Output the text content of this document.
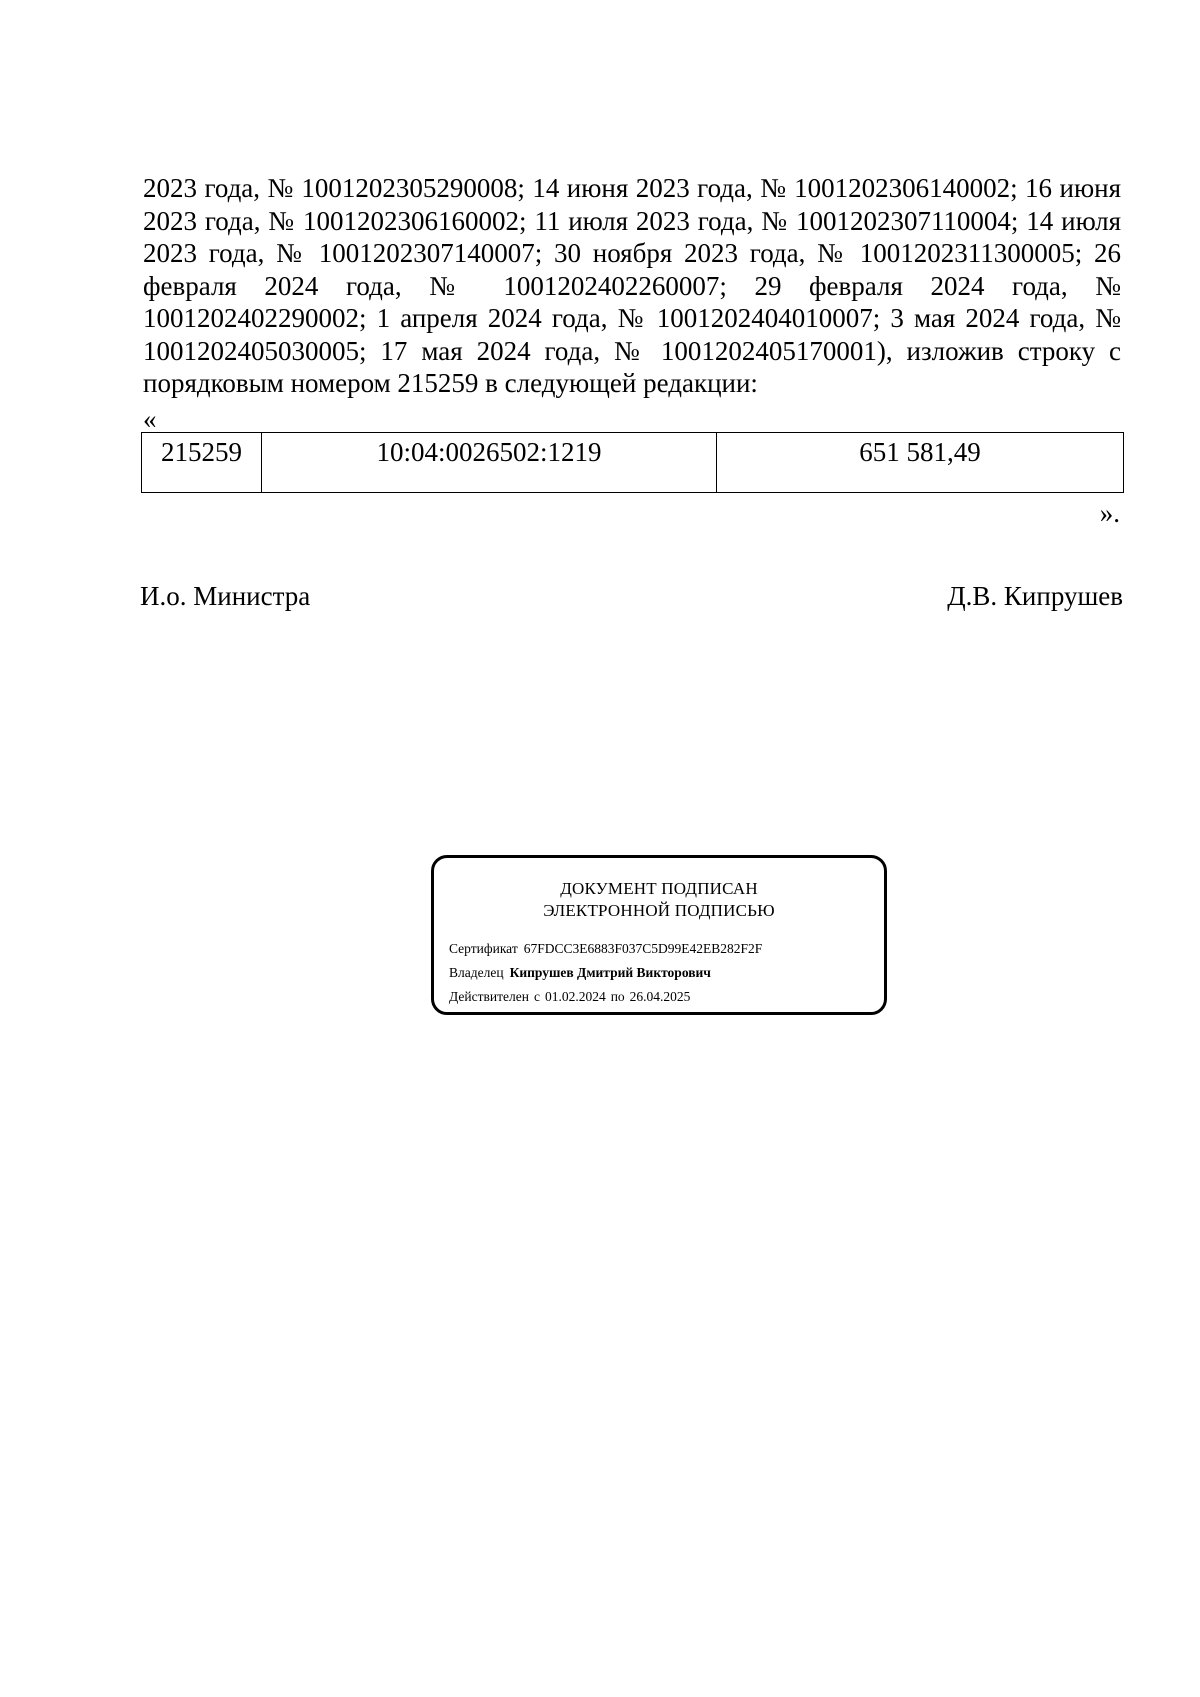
2023 года, № 1001202305290008; 14 июня 2023 года, № 1001202306140002; 16 июня 2023 года, № 1001202306160002; 11 июля 2023 года, № 1001202307110004; 14 июля 2023 года, № 1001202307140007; 30 ноября 2023 года, № 1001202311300005; 26 февраля 2024 года, № 1001202402260007; 29 февраля 2024 года, № 1001202402290002; 1 апреля 2024 года, № 1001202404010007; 3 мая 2024 года, № 1001202405030005; 17 мая 2024 года, № 1001202405170001), изложив строку с порядковым номером 215259 в следующей редакции:

«
215259	10:04:0026502:1219	651 581,49
».
И.о. Министра	Д.В. Кипрушев
ДОКУМЕНТ ПОДПИСАН
ЭЛЕКТРОННОЙ ПОДПИСЬЮ
Сертификат 67FDCC3E6883F037C5D99E42EB282F2F
Владелец Кипрушев Дмитрий Викторович
Действителен с 01.02.2024 по 26.04.2025
